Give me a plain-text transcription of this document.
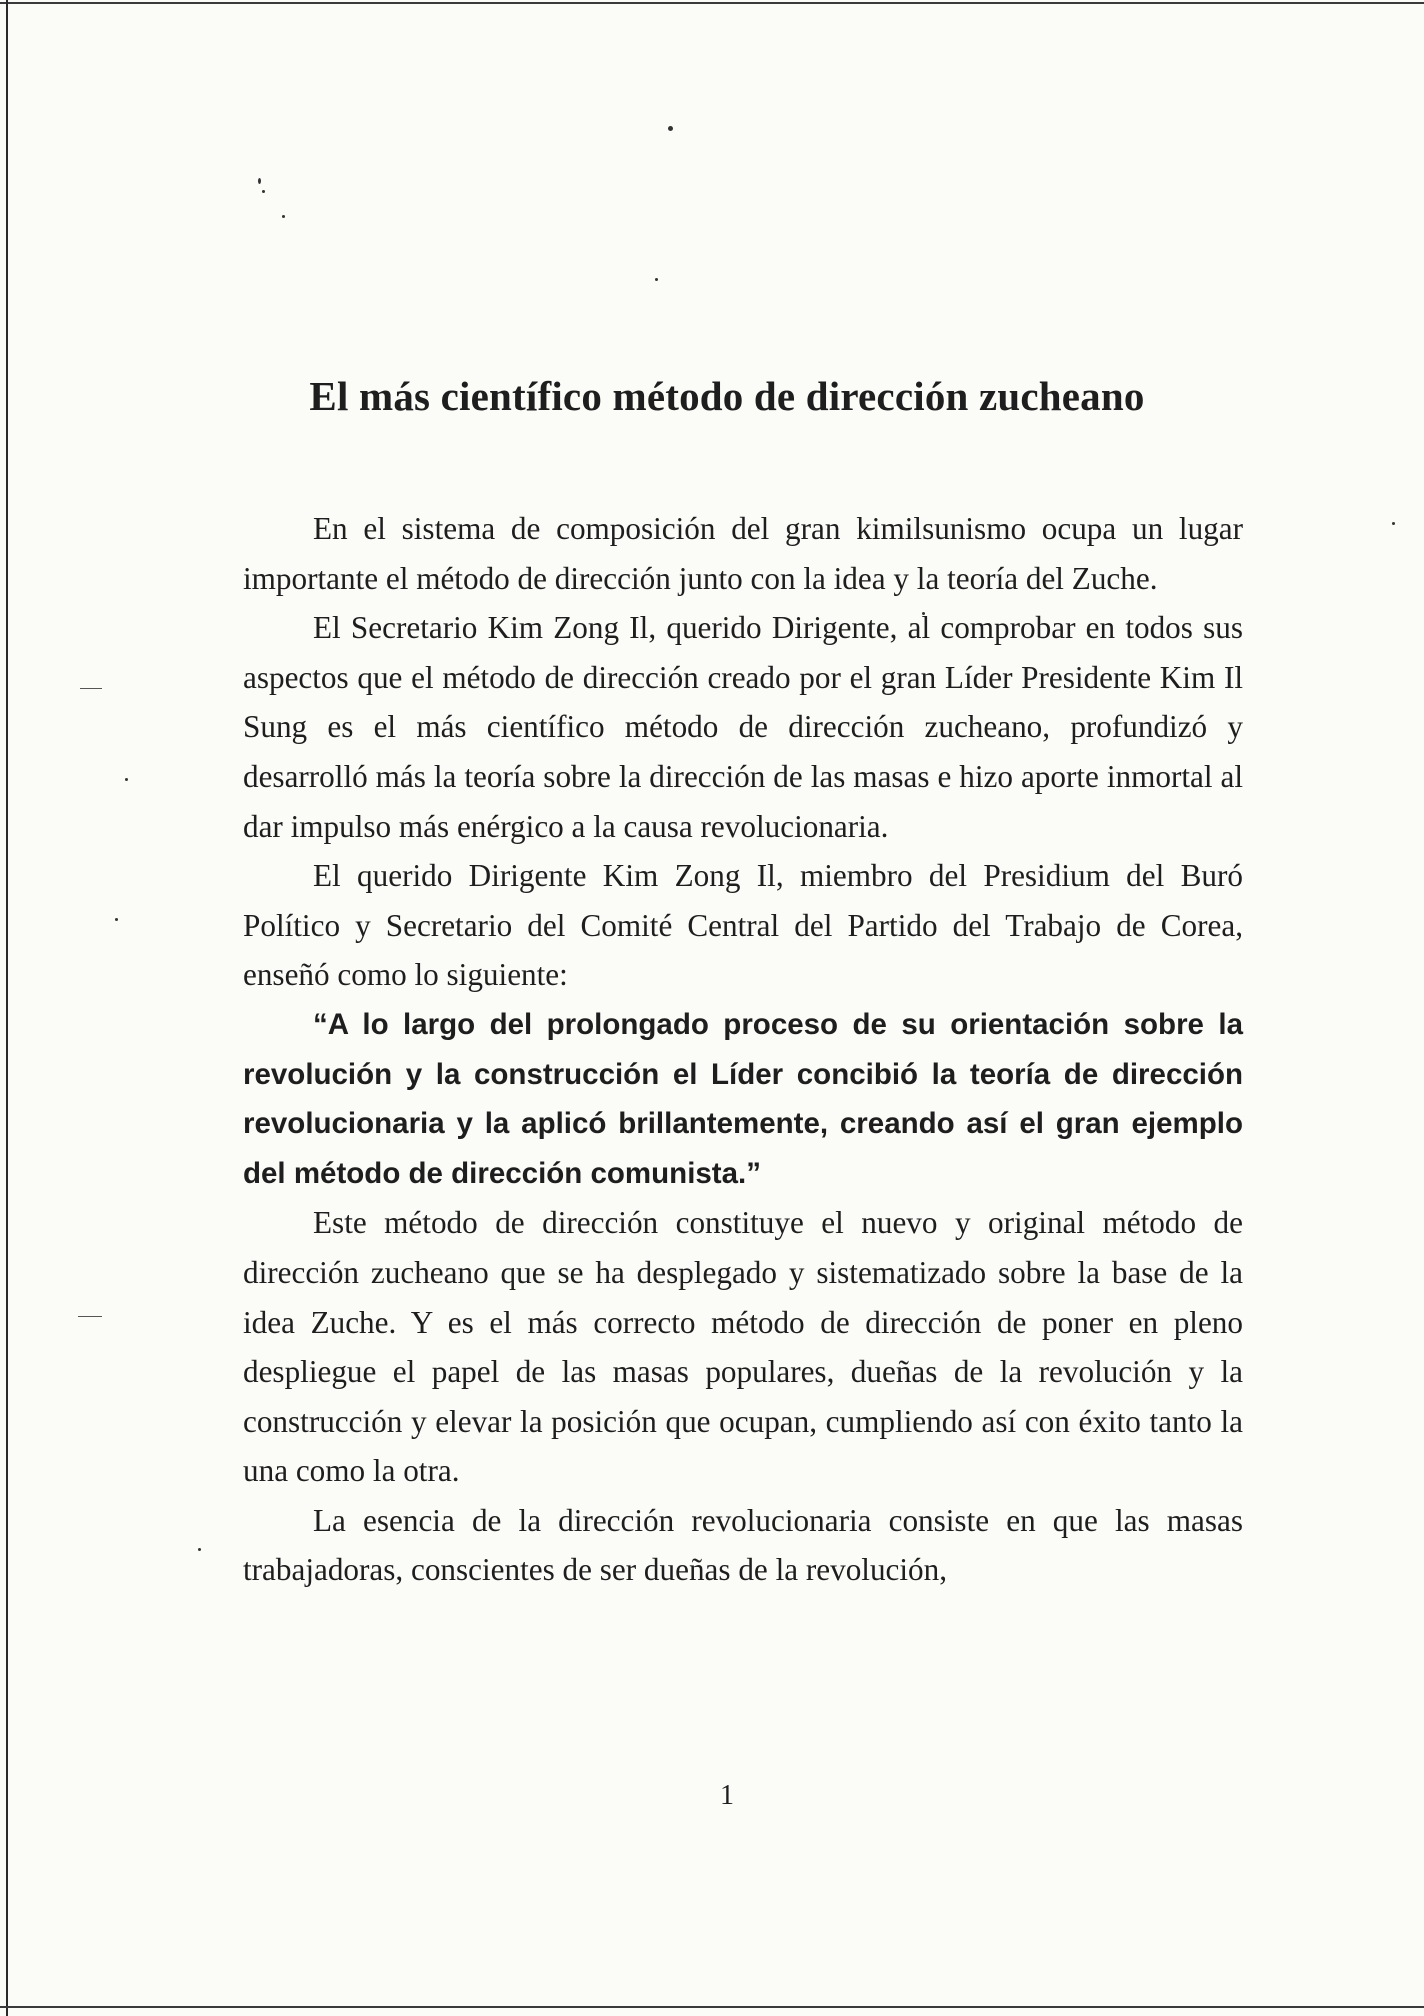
El más científico método de dirección zucheano

En el sistema de composición del gran kimilsunismo ocupa un lugar importante el método de dirección junto con la idea y la teoría del Zuche.

El Secretario Kim Zong Il, querido Dirigente, al comprobar en todos sus aspectos que el método de dirección creado por el gran Líder Presidente Kim Il Sung es el más científico método de dirección zucheano, profundizó y desarrolló más la teoría sobre la dirección de las masas e hizo aporte inmortal al dar impulso más enérgico a la causa revolucionaria.

El querido Dirigente Kim Zong Il, miembro del Presidium del Buró Político y Secretario del Comité Central del Partido del Trabajo de Corea, enseñó como lo siguiente:

“A lo largo del prolongado proceso de su orientación sobre la revolución y la construcción el Líder concibió la teoría de dirección revolucionaria y la aplicó brillantemente, creando así el gran ejemplo del método de dirección comunista.”

Este método de dirección constituye el nuevo y original método de dirección zucheano que se ha desplegado y sistematizado sobre la base de la idea Zuche. Y es el más correcto método de dirección de poner en pleno despliegue el papel de las masas populares, dueñas de la revolución y la construcción y elevar la posición que ocupan, cumpliendo así con éxito tanto la una como la otra.

La esencia de la dirección revolucionaria consiste en que las masas trabajadoras, conscientes de ser dueñas de la revolución,

1
